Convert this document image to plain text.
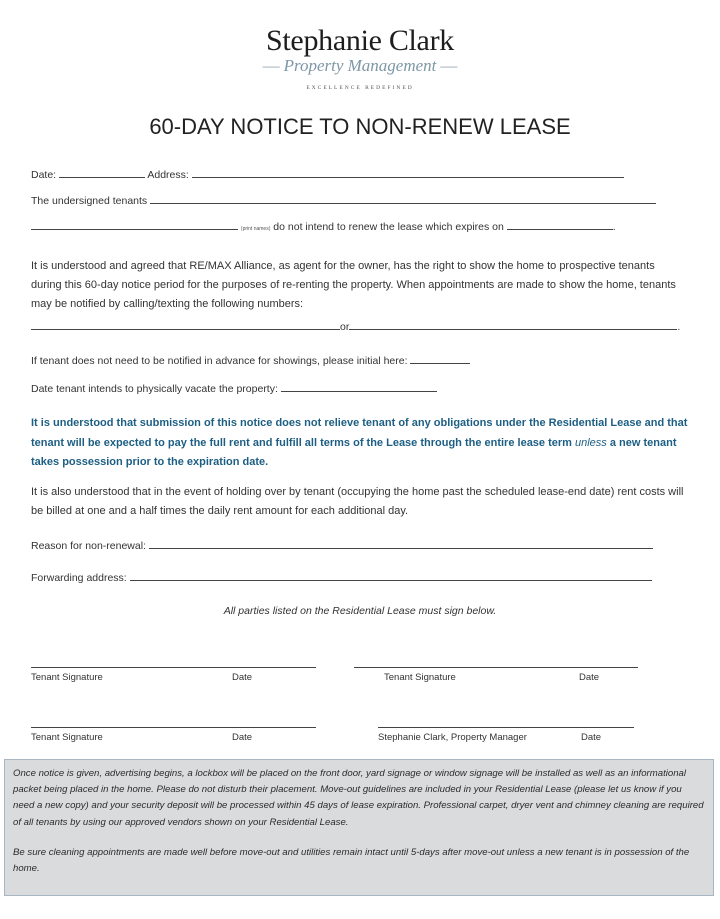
Stephanie Clark
— Property Management —
EXCELLENCE REDEFINED
60-DAY NOTICE TO NON-RENEW LEASE
Date:	Address:
The undersigned tenants
(print names) do not intend to renew the lease which expires on	.
It is understood and agreed that RE/MAX Alliance, as agent for the owner, has the right to show the home to prospective tenants during this 60-day notice period for the purposes of re-renting the property. When appointments are made to show the home, tenants may be notified by calling/texting the following numbers:
or	.
If tenant does not need to be notified in advance for showings, please initial here:
Date tenant intends to physically vacate the property:
It is understood that submission of this notice does not relieve tenant of any obligations under the Residential Lease and that tenant will be expected to pay the full rent and fulfill all terms of the Lease through the entire lease term unless a new tenant takes possession prior to the expiration date.
It is also understood that in the event of holding over by tenant (occupying the home past the scheduled lease-end date) rent costs will be billed at one and a half times the daily rent amount for each additional day.
Reason for non-renewal:
Forwarding address:
All parties listed on the Residential Lease must sign below.
Tenant Signature	Date	Tenant Signature	Date
Tenant Signature	Date	Stephanie Clark, Property Manager	Date

Once notice is given, advertising begins, a lockbox will be placed on the front door, yard signage or window signage will be installed as well as an informational packet being placed in the home. Please do not disturb their placement. Move-out guidelines are included in your Residential Lease (please let us know if you need a new copy) and your security deposit will be processed within 45 days of lease expiration. Professional carpet, dryer vent and chimney cleaning are required of all tenants by using our approved vendors shown on your Residential Lease.

Be sure cleaning appointments are made well before move-out and utilities remain intact until 5-days after move-out unless a new tenant is in possession of the home.
